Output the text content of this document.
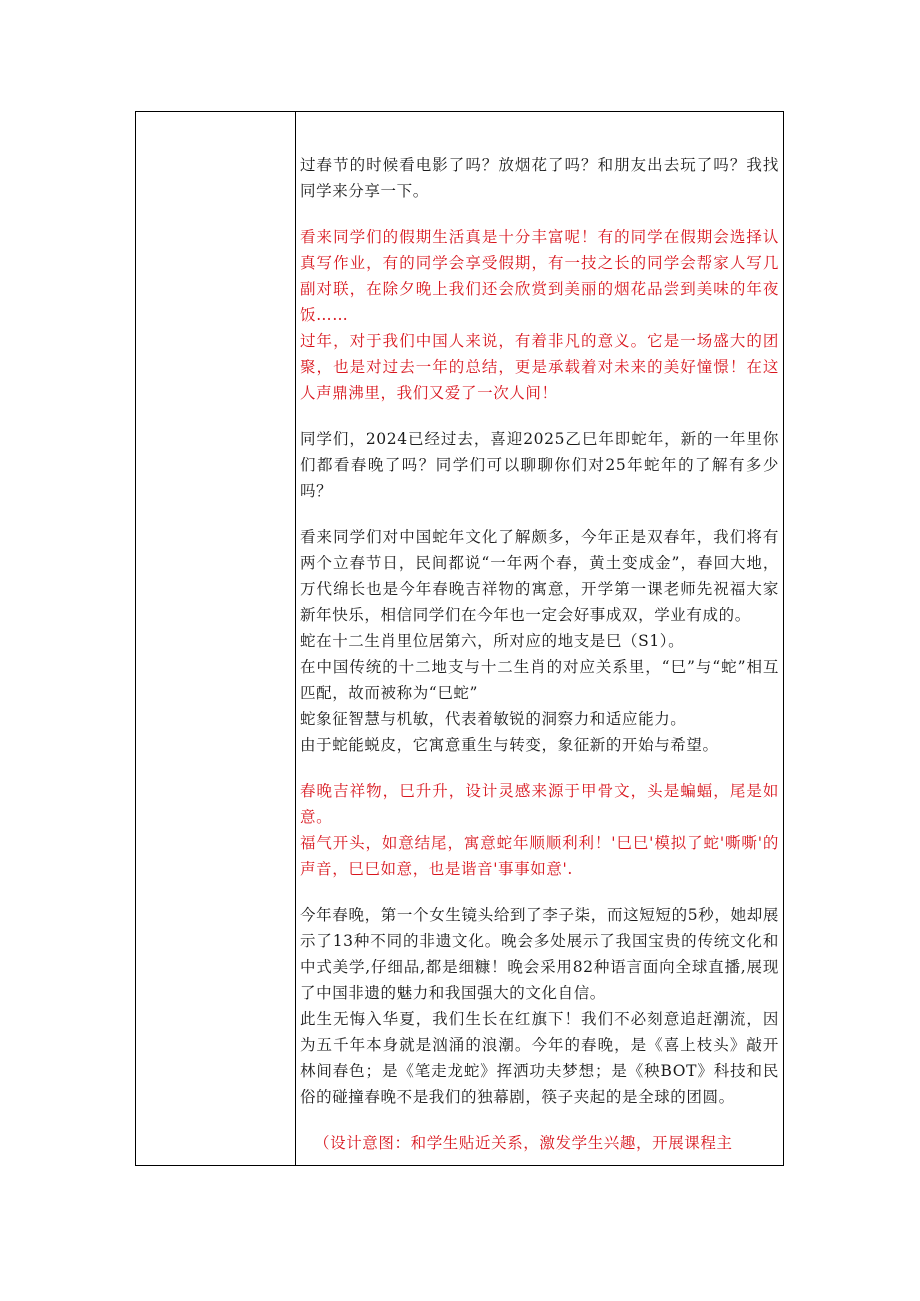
过春节的时候看电影了吗？放烟花了吗？和朋友出去玩了吗？我找同学来分享一下。

看来同学们的假期生活真是十分丰富呢！有的同学在假期会选择认真写作业，有的同学会享受假期，有一技之长的同学会帮家人写几副对联，在除夕晚上我们还会欣赏到美丽的烟花品尝到美味的年夜饭……

过年，对于我们中国人来说，有着非凡的意义。它是一场盛大的团聚，也是对过去一年的总结，更是承载着对未来的美好憧憬！在这人声鼎沸里，我们又爱了一次人间！

同学们，2024已经过去，喜迎2025乙巳年即蛇年，新的一年里你们都看春晚了吗？同学们可以聊聊你们对25年蛇年的了解有多少吗？

看来同学们对中国蛇年文化了解颇多，今年正是双春年，我们将有两个立春节日，民间都说“一年两个春，黄土变成金”，春回大地，万代绵长也是今年春晚吉祥物的寓意，开学第一课老师先祝福大家新年快乐，相信同学们在今年也一定会好事成双，学业有成的。

蛇在十二生肖里位居第六，所对应的地支是巳（S1）。

在中国传统的十二地支与十二生肖的对应关系里，“巳”与“蛇”相互匹配，故而被称为“巳蛇”

蛇象征智慧与机敏，代表着敏锐的洞察力和适应能力。

由于蛇能蜕皮，它寓意重生与转变，象征新的开始与希望。

春晚吉祥物，巳升升，设计灵感来源于甲骨文，头是蝙蝠，尾是如意。

福气开头，如意结尾，寓意蛇年顺顺利利！'巳巳'模拟了蛇'嘶嘶'的声音，巳巳如意，也是谐音'事事如意'.

今年春晚，第一个女生镜头给到了李子柒，而这短短的5秒，她却展示了13种不同的非遗文化。晚会多处展示了我国宝贵的传统文化和中式美学,仔细品,都是细糠！晚会采用82种语言面向全球直播,展现了中国非遗的魅力和我国强大的文化自信。

此生无悔入华夏，我们生长在红旗下！我们不必刻意追赶潮流，因为五千年本身就是汹涌的浪潮。今年的春晚，是《喜上枝头》敲开林间春色；是《笔走龙蛇》挥洒功夫梦想；是《秧BOT》科技和民俗的碰撞春晚不是我们的独幕剧，筷子夹起的是全球的团圆。

（设计意图：和学生贴近关系，激发学生兴趣，开展课程主
